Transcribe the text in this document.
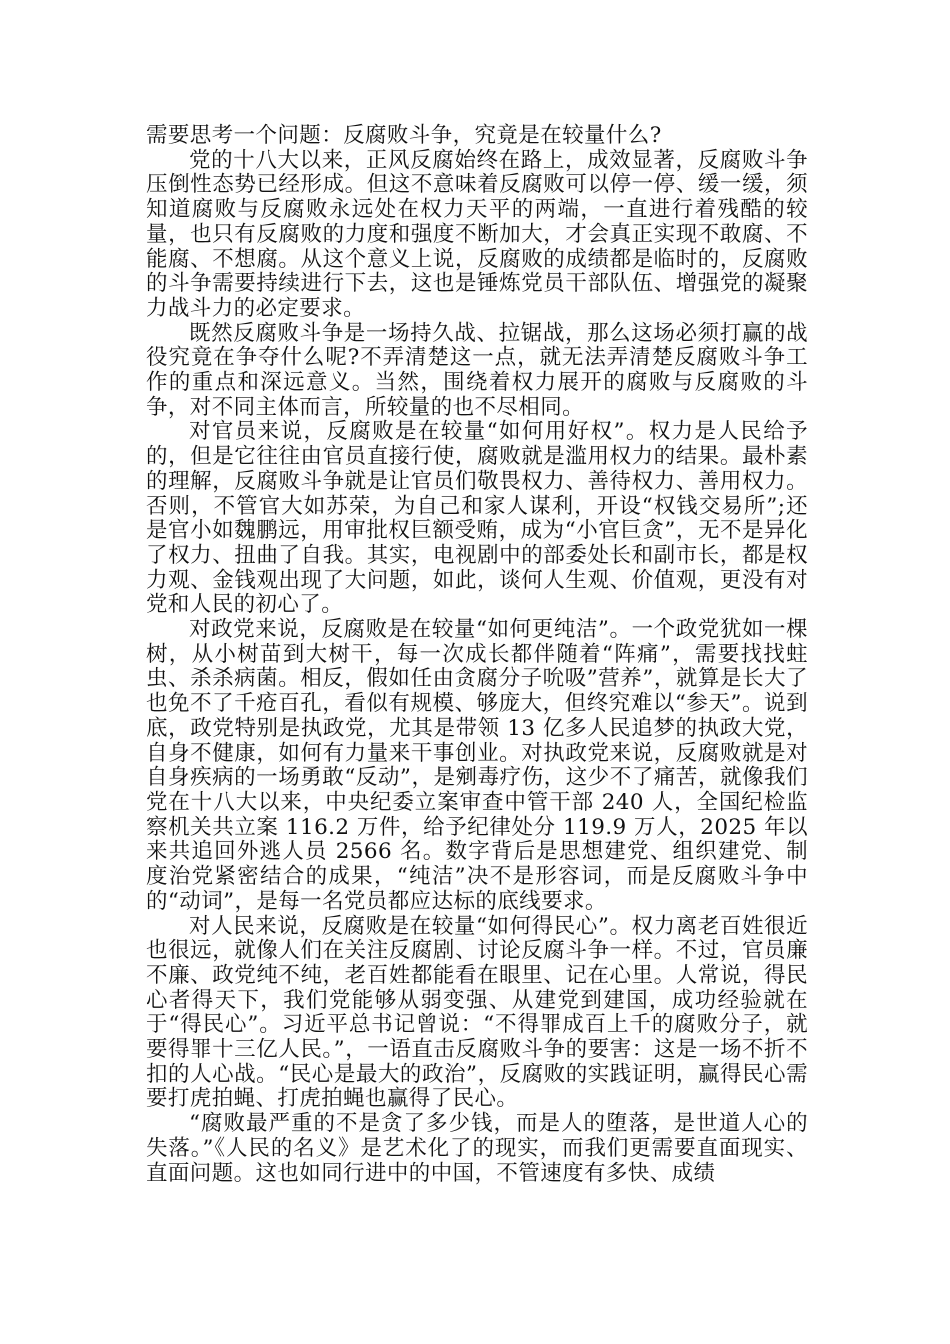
需要思考一个问题：反腐败斗争，究竟是在较量什么?

党的十八大以来，正风反腐始终在路上，成效显著，反腐败斗争压倒性态势已经形成。但这不意味着反腐败可以停一停、缓一缓，须知道腐败与反腐败永远处在权力天平的两端，一直进行着残酷的较量，也只有反腐败的力度和强度不断加大，才会真正实现不敢腐、不能腐、不想腐。从这个意义上说，反腐败的成绩都是临时的，反腐败的斗争需要持续进行下去，这也是锤炼党员干部队伍、增强党的凝聚力战斗力的必定要求。

既然反腐败斗争是一场持久战、拉锯战，那么这场必须打赢的战役究竟在争夺什么呢?不弄清楚这一点，就无法弄清楚反腐败斗争工作的重点和深远意义。当然，围绕着权力展开的腐败与反腐败的斗争，对不同主体而言，所较量的也不尽相同。

对官员来说，反腐败是在较量“如何用好权”。权力是人民给予的，但是它往往由官员直接行使，腐败就是滥用权力的结果。最朴素的理解，反腐败斗争就是让官员们敬畏权力、善待权力、善用权力。否则，不管官大如苏荣，为自己和家人谋利，开设“权钱交易所”;还是官小如魏鹏远，用审批权巨额受贿，成为“小官巨贪”，无不是异化了权力、扭曲了自我。其实，电视剧中的部委处长和副市长，都是权力观、金钱观出现了大问题，如此，谈何人生观、价值观，更没有对党和人民的初心了。

对政党来说，反腐败是在较量“如何更纯洁”。一个政党犹如一棵树，从小树苗到大树干，每一次成长都伴随着“阵痛”，需要找找蛀虫、杀杀病菌。相反，假如任由贪腐分子吮吸”营养”，就算是长大了也免不了千疮百孔，看似有规模、够庞大，但终究难以“参天”。说到底，政党特别是执政党，尤其是带领 13 亿多人民追梦的执政大党，自身不健康，如何有力量来干事创业。对执政党来说，反腐败就是对自身疾病的一场勇敢“反动”，是剜毒疗伤，这少不了痛苦，就像我们党在十八大以来，中央纪委立案审查中管干部 240 人，全国纪检监察机关共立案 116.2 万件，给予纪律处分 119.9 万人，2025 年以来共追回外逃人员 2566 名。数字背后是思想建党、组织建党、制度治党紧密结合的成果，“纯洁”决不是形容词，而是反腐败斗争中的“动词”，是每一名党员都应达标的底线要求。

对人民来说，反腐败是在较量“如何得民心”。权力离老百姓很近也很远，就像人们在关注反腐剧、讨论反腐斗争一样。不过，官员廉不廉、政党纯不纯，老百姓都能看在眼里、记在心里。人常说，得民心者得天下，我们党能够从弱变强、从建党到建国，成功经验就在于“得民心”。习近平总书记曾说：“不得罪成百上千的腐败分子，就要得罪十三亿人民。”，一语直击反腐败斗争的要害：这是一场不折不扣的人心战。“民心是最大的政治”，反腐败的实践证明，赢得民心需要打虎拍蝇、打虎拍蝇也赢得了民心。

“腐败最严重的不是贪了多少钱，而是人的堕落，是世道人心的失落。”《人民的名义》是艺术化了的现实，而我们更需要直面现实、直面问题。这也如同行进中的中国，不管速度有多快、成绩
